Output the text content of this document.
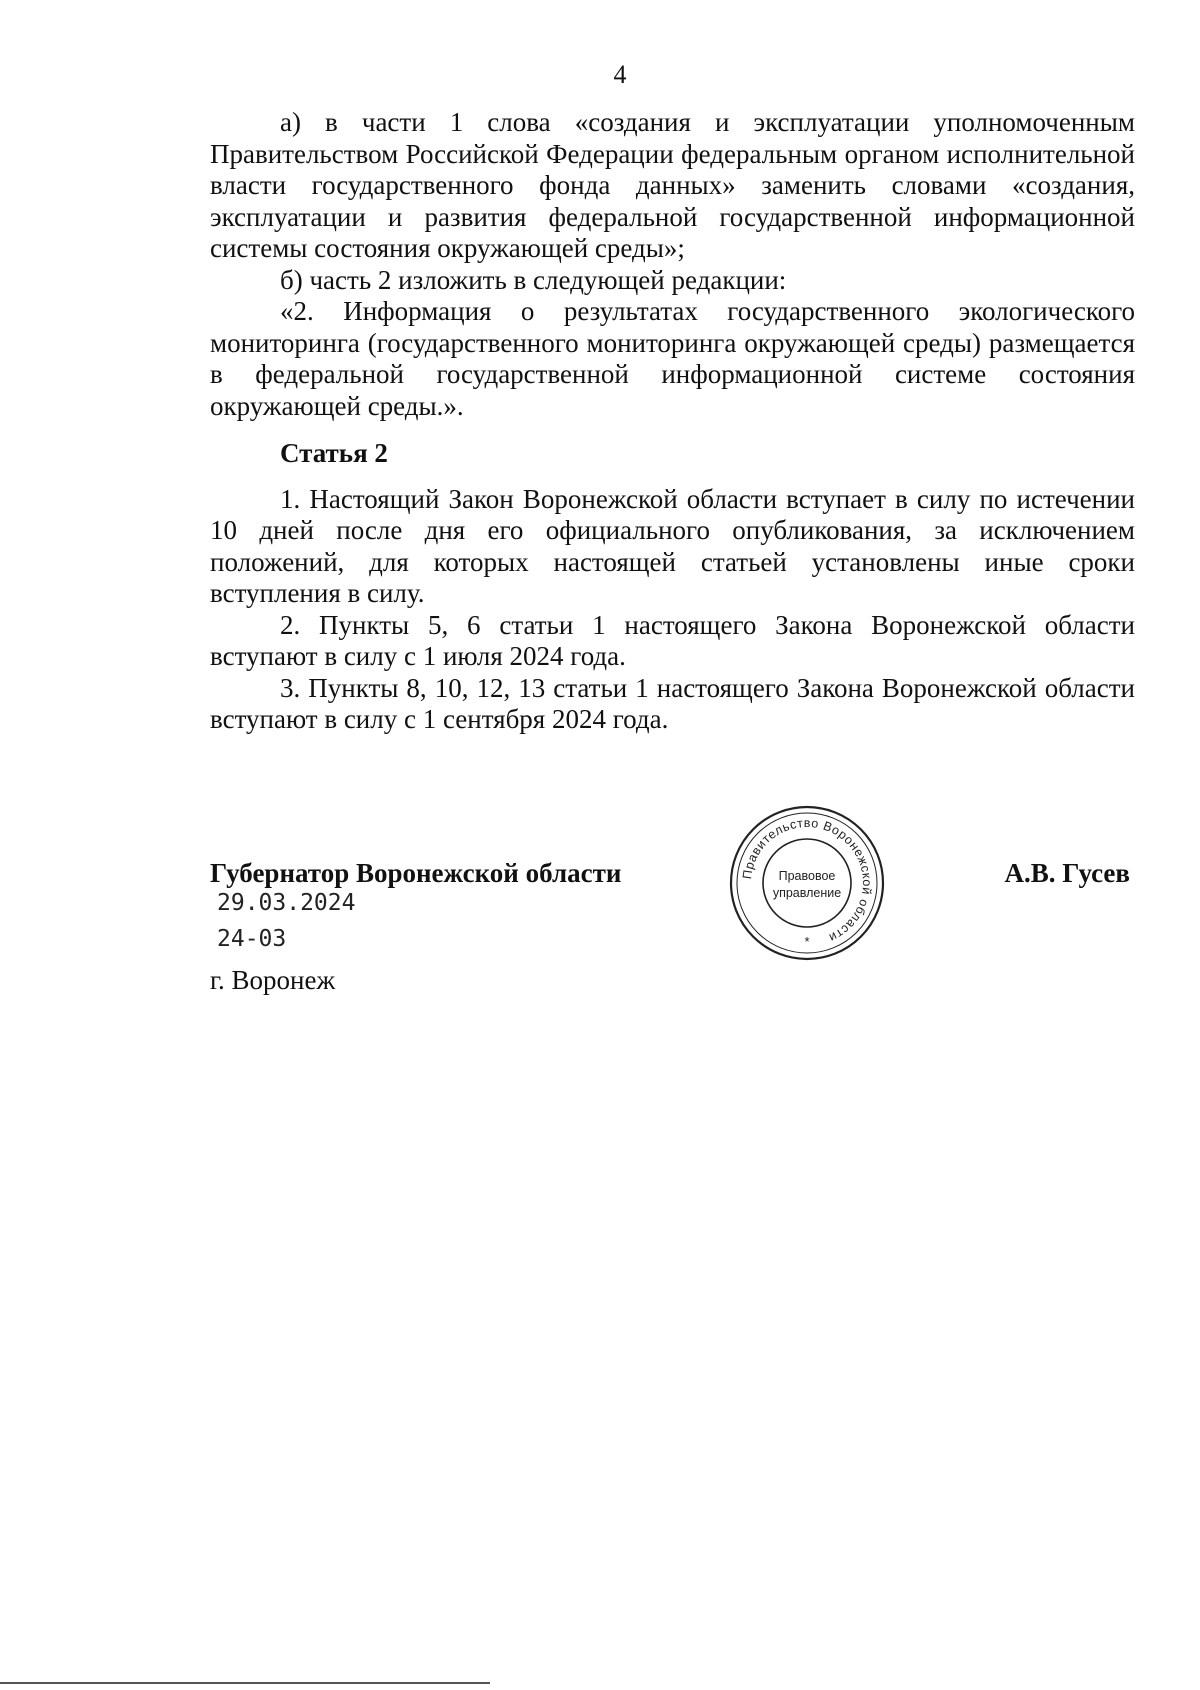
4

а) в части 1 слова «создания и эксплуатации уполномоченным Правительством Российской Федерации федеральным органом исполнительной власти государственного фонда данных» заменить словами «создания, эксплуатации и развития федеральной государственной информационной системы состояния окружающей среды»;

б) часть 2 изложить в следующей редакции:

«2. Информация о результатах государственного экологического мониторинга (государственного мониторинга окружающей среды) размещается в федеральной государственной информационной системе состояния окружающей среды.».

Статья 2

1. Настоящий Закон Воронежской области вступает в силу по истечении 10 дней после дня его официального опубликования, за исключением положений, для которых настоящей статьей установлены иные сроки вступления в силу.

2. Пункты 5, 6 статьи 1 настоящего Закона Воронежской области вступают в силу с 1 июля 2024 года.

3. Пункты 8, 10, 12, 13 статьи 1 настоящего Закона Воронежской области вступают в силу с 1 сентября 2024 года.

Губернатор Воронежской области
29.03.2024
24-03
г. Воронеж
А.В. Гусев
Правительство Воронежской области
Правовое
управление
*
